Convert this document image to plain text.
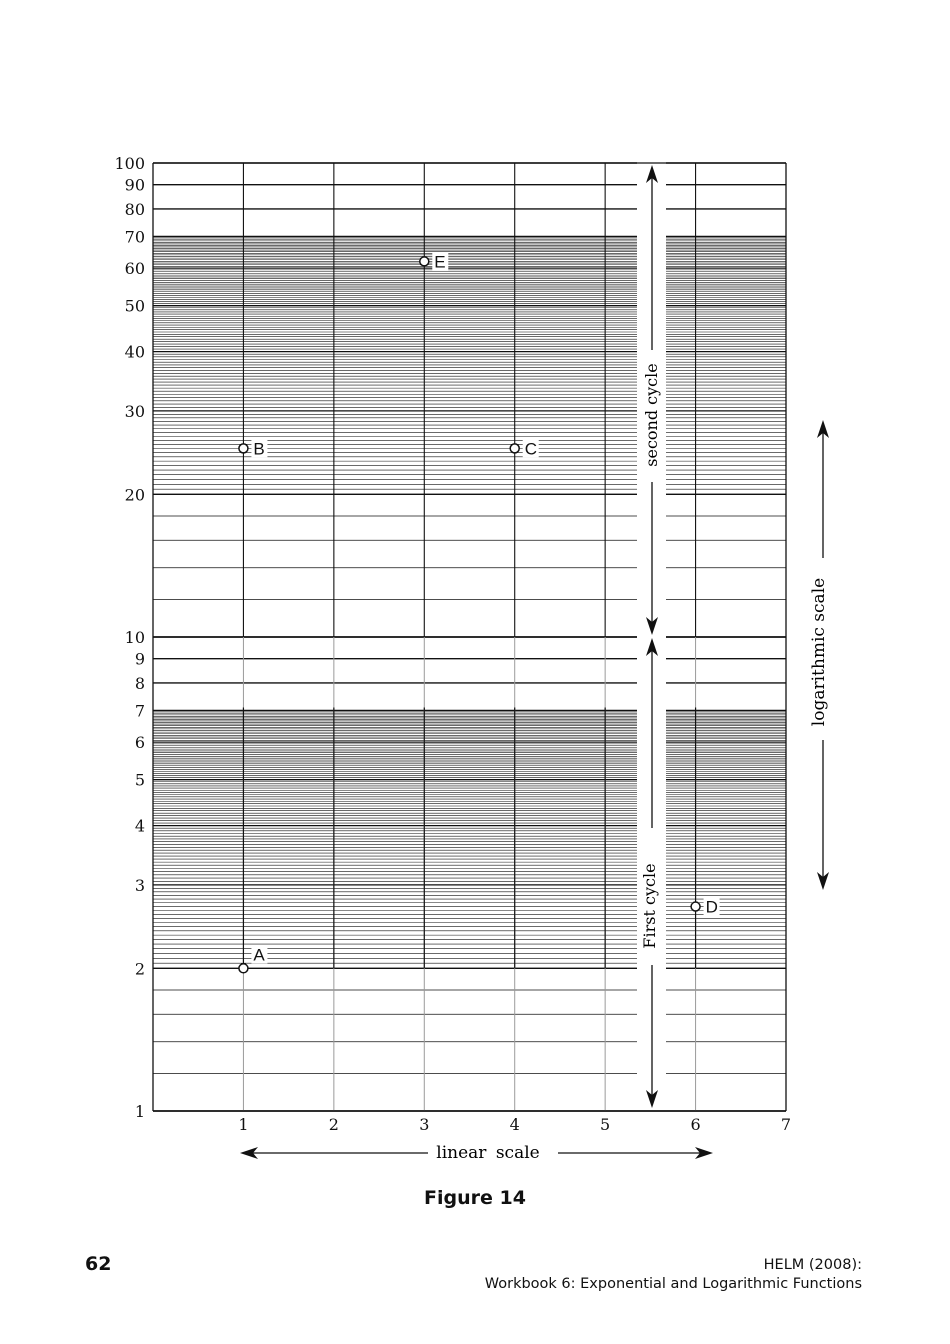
1
2
3
4
5
6
7
8
9
10
20
30
40
50
60
70
80
90
100
1	2	3	4	5	6	7
linear scale
logarithmic scale
second cycle
First cycle
A
B	C
D
E
Figure 14
62	HELM (2008):
Workbook 6: Exponential and Logarithmic Functions
